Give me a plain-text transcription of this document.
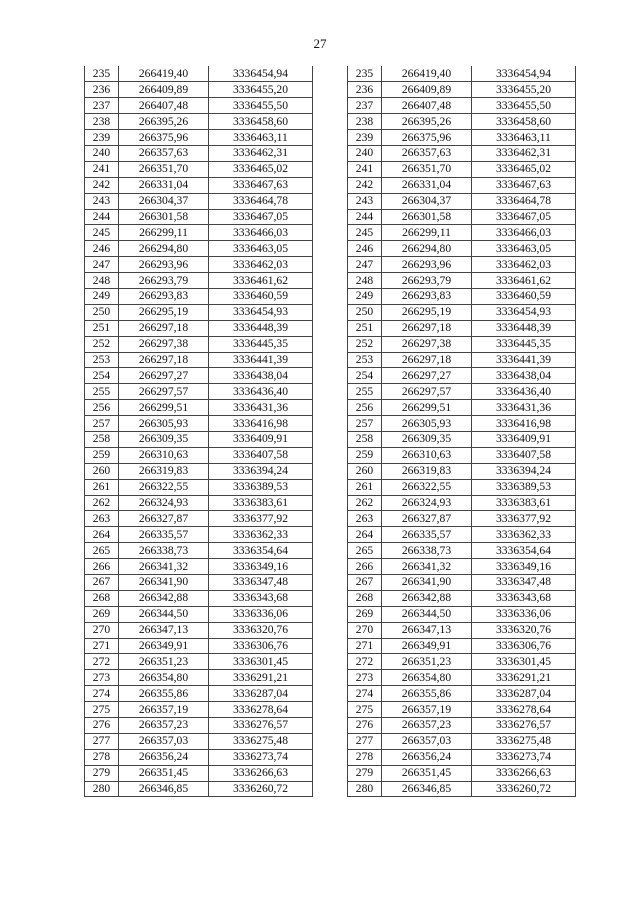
27
235	266419,40	3336454,94
236	266409,89	3336455,20
237	266407,48	3336455,50
238	266395,26	3336458,60
239	266375,96	3336463,11
240	266357,63	3336462,31
241	266351,70	3336465,02
242	266331,04	3336467,63
243	266304,37	3336464,78
244	266301,58	3336467,05
245	266299,11	3336466,03
246	266294,80	3336463,05
247	266293,96	3336462,03
248	266293,79	3336461,62
249	266293,83	3336460,59
250	266295,19	3336454,93
251	266297,18	3336448,39
252	266297,38	3336445,35
253	266297,18	3336441,39
254	266297,27	3336438,04
255	266297,57	3336436,40
256	266299,51	3336431,36
257	266305,93	3336416,98
258	266309,35	3336409,91
259	266310,63	3336407,58
260	266319,83	3336394,24
261	266322,55	3336389,53
262	266324,93	3336383,61
263	266327,87	3336377,92
264	266335,57	3336362,33
265	266338,73	3336354,64
266	266341,32	3336349,16
267	266341,90	3336347,48
268	266342,88	3336343,68
269	266344,50	3336336,06
270	266347,13	3336320,76
271	266349,91	3336306,76
272	266351,23	3336301,45
273	266354,80	3336291,21
274	266355,86	3336287,04
275	266357,19	3336278,64
276	266357,23	3336276,57
277	266357,03	3336275,48
278	266356,24	3336273,74
279	266351,45	3336266,63
280	266346,85	3336260,72
235	266419,40	3336454,94
236	266409,89	3336455,20
237	266407,48	3336455,50
238	266395,26	3336458,60
239	266375,96	3336463,11
240	266357,63	3336462,31
241	266351,70	3336465,02
242	266331,04	3336467,63
243	266304,37	3336464,78
244	266301,58	3336467,05
245	266299,11	3336466,03
246	266294,80	3336463,05
247	266293,96	3336462,03
248	266293,79	3336461,62
249	266293,83	3336460,59
250	266295,19	3336454,93
251	266297,18	3336448,39
252	266297,38	3336445,35
253	266297,18	3336441,39
254	266297,27	3336438,04
255	266297,57	3336436,40
256	266299,51	3336431,36
257	266305,93	3336416,98
258	266309,35	3336409,91
259	266310,63	3336407,58
260	266319,83	3336394,24
261	266322,55	3336389,53
262	266324,93	3336383,61
263	266327,87	3336377,92
264	266335,57	3336362,33
265	266338,73	3336354,64
266	266341,32	3336349,16
267	266341,90	3336347,48
268	266342,88	3336343,68
269	266344,50	3336336,06
270	266347,13	3336320,76
271	266349,91	3336306,76
272	266351,23	3336301,45
273	266354,80	3336291,21
274	266355,86	3336287,04
275	266357,19	3336278,64
276	266357,23	3336276,57
277	266357,03	3336275,48
278	266356,24	3336273,74
279	266351,45	3336266,63
280	266346,85	3336260,72
